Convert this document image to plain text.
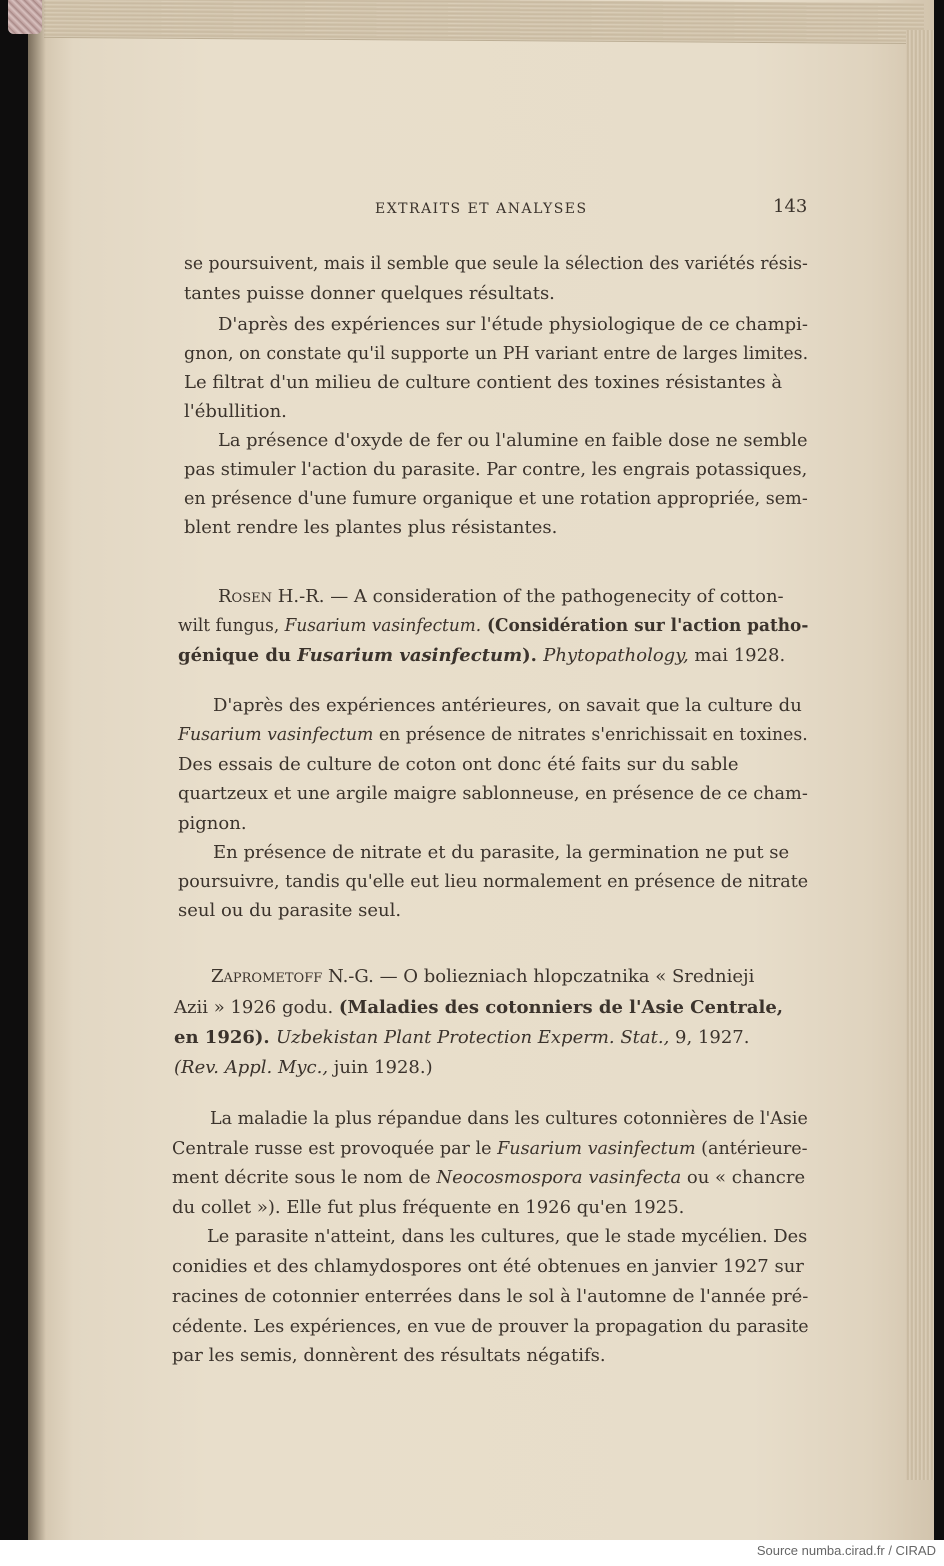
EXTRAITS ET ANALYSES	143
se poursuivent, mais il semble que seule la sélection des variétés résis-
tantes puisse donner quelques résultats.
D'après des expériences sur l'étude physiologique de ce champi-
gnon, on constate qu'il supporte un PH variant entre de larges limites.
Le filtrat d'un milieu de culture contient des toxines résistantes à
l'ébullition.
La présence d'oxyde de fer ou l'alumine en faible dose ne semble
pas stimuler l'action du parasite. Par contre, les engrais potassiques,
en présence d'une fumure organique et une rotation appropriée, sem-
blent rendre les plantes plus résistantes.
Rosen H.-R. — A consideration of the pathogenecity of cotton-
wilt fungus, Fusarium vasinfectum. (Considération sur l'action patho-
génique du Fusarium vasinfectum). Phytopathology, mai 1928.
D'après des expériences antérieures, on savait que la culture du
Fusarium vasinfectum en présence de nitrates s'enrichissait en toxines.
Des essais de culture de coton ont donc été faits sur du sable
quartzeux et une argile maigre sablonneuse, en présence de ce cham-
pignon.
En présence de nitrate et du parasite, la germination ne put se
poursuivre, tandis qu'elle eut lieu normalement en présence de nitrate
seul ou du parasite seul.
Zaprometoff N.-G. — O boliezniach hlopczatnika « Srednieji
Azii » 1926 godu. (Maladies des cotonniers de l'Asie Centrale,
en 1926). Uzbekistan Plant Protection Experm. Stat., 9, 1927.
(Rev. Appl. Myc., juin 1928.)
La maladie la plus répandue dans les cultures cotonnières de l'Asie
Centrale russe est provoquée par le Fusarium vasinfectum (antérieure-
ment décrite sous le nom de Neocosmospora vasinfecta ou « chancre
du collet »). Elle fut plus fréquente en 1926 qu'en 1925.
Le parasite n'atteint, dans les cultures, que le stade mycélien. Des
conidies et des chlamydospores ont été obtenues en janvier 1927 sur
racines de cotonnier enterrées dans le sol à l'automne de l'année pré-
cédente. Les expériences, en vue de prouver la propagation du parasite
par les semis, donnèrent des résultats négatifs.
Source numba.cirad.fr / CIRAD
